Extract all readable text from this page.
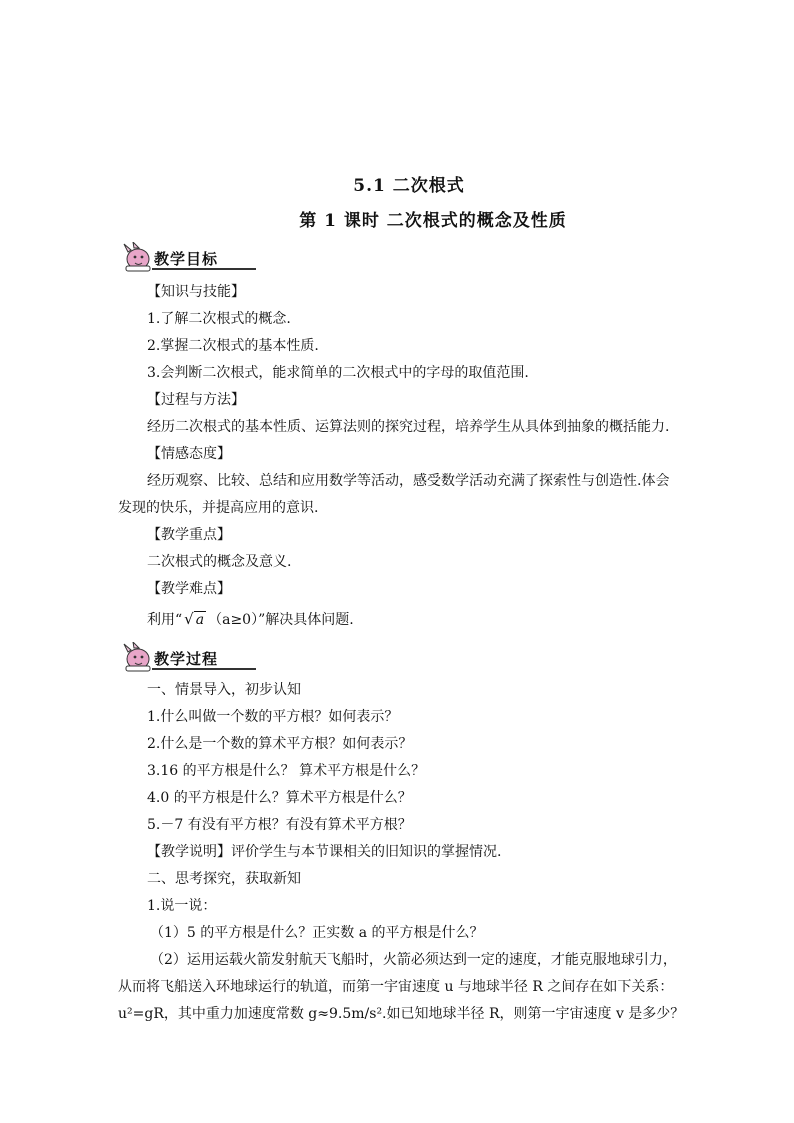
5.1 二次根式
第 1 课时 二次根式的概念及性质
教学目标
【知识与技能】
1.了解二次根式的概念.
2.掌握二次根式的基本性质.
3.会判断二次根式，能求简单的二次根式中的字母的取值范围.
【过程与方法】
经历二次根式的基本性质、运算法则的探究过程，培养学生从具体到抽象的概括能力.
【情感态度】
经历观察、比较、总结和应用数学等活动，感受数学活动充满了探索性与创造性.体会
发现的快乐，并提高应用的意识.
【教学重点】
二次根式的概念及意义.
【教学难点】
利用“ √ a （a≥0）”解决具体问题.
教学过程
一、情景导入，初步认知
1.什么叫做一个数的平方根？如何表示？
2.什么是一个数的算术平方根？如何表示？
3.16 的平方根是什么？ 算术平方根是什么？
4.0 的平方根是什么？算术平方根是什么？
5.－7 有没有平方根？有没有算术平方根？
【教学说明】评价学生与本节课相关的旧知识的掌握情况.
二、思考探究，获取新知
1.说一说：
（1）5 的平方根是什么？正实数 a 的平方根是什么？
（2）运用运载火箭发射航天飞船时，火箭必须达到一定的速度，才能克服地球引力，
从而将飞船送入环地球运行的轨道，而第一宇宙速度 u 与地球半径 R 之间存在如下关系：
u²=gR，其中重力加速度常数 g≈9.5m/s².如已知地球半径 R，则第一宇宙速度 v 是多少？
